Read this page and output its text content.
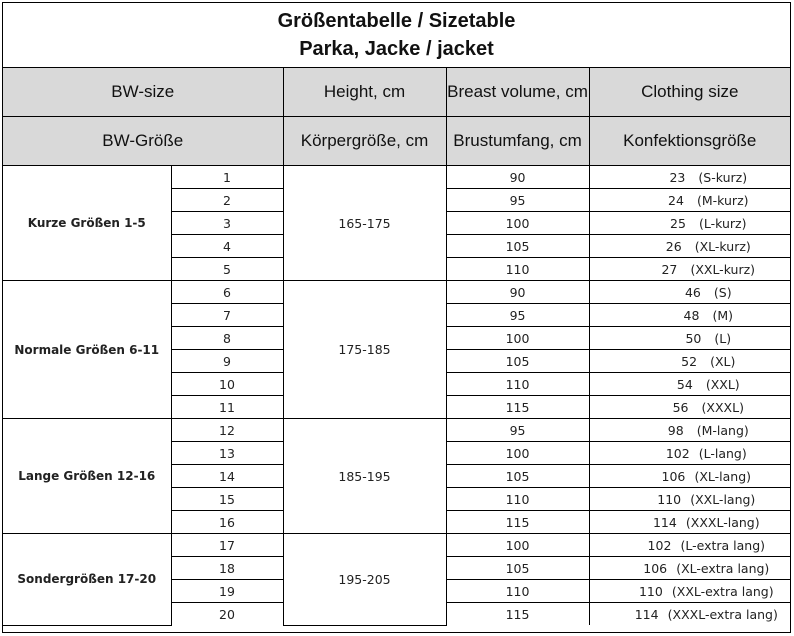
Größentabelle / Sizetable
Parka, Jacke / jacket
BW-size		Height, cm	Breast volume, cm	Clothing size
BW-Größe		Körpergröße, cm	Brustumfang, cm	Konfektionsgröße
Kurze Größen 1-5	1	165-175	90	23 (S-kurz)
	2		95	24 (M-kurz)
	3		100	25 (L-kurz)
	4		105	26 (XL-kurz)
	5		110	27 (XXL-kurz)
Normale Größen 6-11	6	175-185	90	46 (S)
	7		95	48 (M)
	8		100	50 (L)
	9		105	52 (XL)
	10		110	54 (XXL)
	11		115	56 (XXXL)
Lange Größen 12-16	12	185-195	95	98 (M-lang)
	13		100	102 (L-lang)
	14		105	106 (XL-lang)
	15		110	110 (XXL-lang)
	16		115	114 (XXXL-lang)
Sondergrößen 17-20	17	195-205	100	102 (L-extra lang)
	18		105	106 (XL-extra lang)
	19		110	110 (XXL-extra lang)
	20		115	114 (XXXL-extra lang)
